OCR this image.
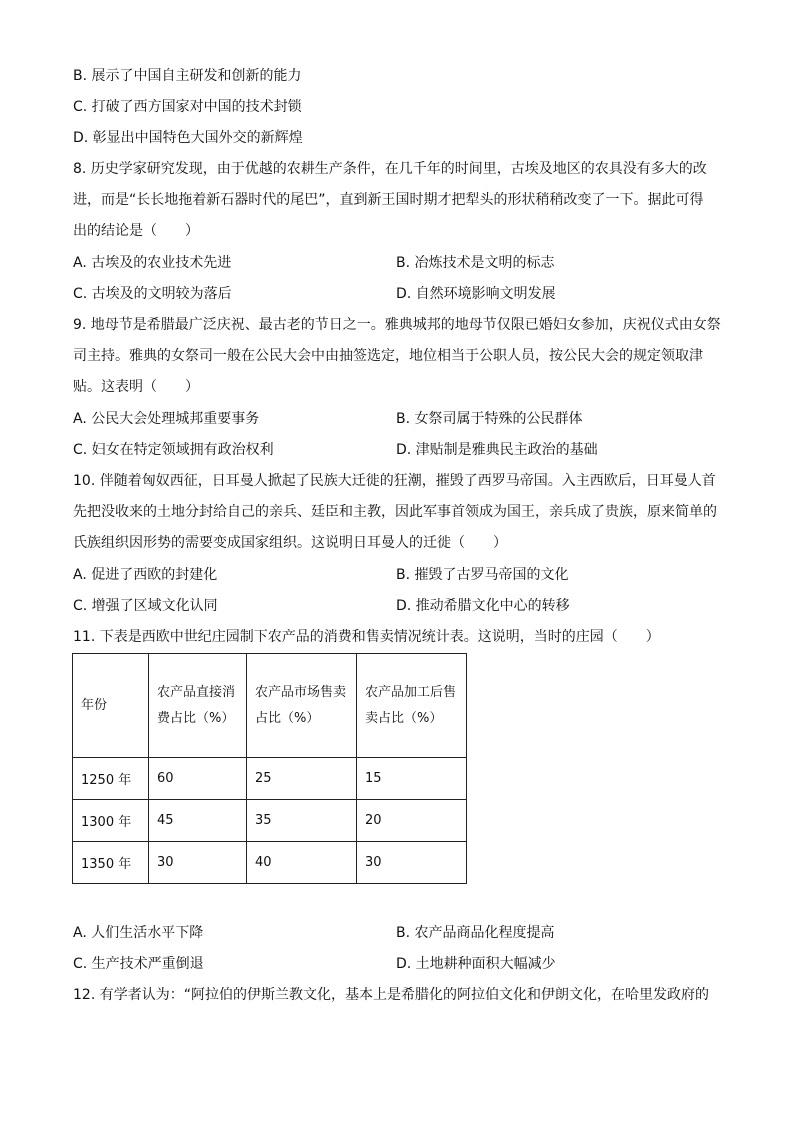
B. 展示了中国自主研发和创新的能力
C. 打破了西方国家对中国的技术封锁
D. 彰显出中国特色大国外交的新辉煌
8. 历史学家研究发现，由于优越的农耕生产条件，在几千年的时间里，古埃及地区的农具没有多大的改
进，而是“长长地拖着新石器时代的尾巴”，直到新王国时期才把犁头的形状稍稍改变了一下。据此可得
出的结论是（　　）
A. 古埃及的农业技术先进	B. 冶炼技术是文明的标志
C. 古埃及的文明较为落后	D. 自然环境影响文明发展
9. 地母节是希腊最广泛庆祝、最古老的节日之一。雅典城邦的地母节仅限已婚妇女参加，庆祝仪式由女祭
司主持。雅典的女祭司一般在公民大会中由抽签选定，地位相当于公职人员，按公民大会的规定领取津
贴。这表明（　　）
A. 公民大会处理城邦重要事务	B. 女祭司属于特殊的公民群体
C. 妇女在特定领域拥有政治权利	D. 津贴制是雅典民主政治的基础
10. 伴随着匈奴西征，日耳曼人掀起了民族大迁徙的狂潮，摧毁了西罗马帝国。入主西欧后，日耳曼人首
先把没收来的土地分封给自己的亲兵、廷臣和主教，因此军事首领成为国王，亲兵成了贵族，原来简单的
氏族组织因形势的需要变成国家组织。这说明日耳曼人的迁徙（　　）
A. 促进了西欧的封建化	B. 摧毁了古罗马帝国的文化
C. 增强了区域文化认同	D. 推动希腊文化中心的转移
11. 下表是西欧中世纪庄园制下农产品的消费和售卖情况统计表。这说明，当时的庄园（　　）
年份	农产品直接消费占比（%）	农产品市场售卖占比（%）	农产品加工后售卖占比（%）
1250 年	60	25	15
1300 年	45	35	20
1350 年	30	40	30
A. 人们生活水平下降	B. 农产品商品化程度提高
C. 生产技术严重倒退	D. 土地耕种面积大幅减少
12. 有学者认为：“阿拉伯的伊斯兰教文化，基本上是希腊化的阿拉伯文化和伊朗文化，在哈里发政府的
